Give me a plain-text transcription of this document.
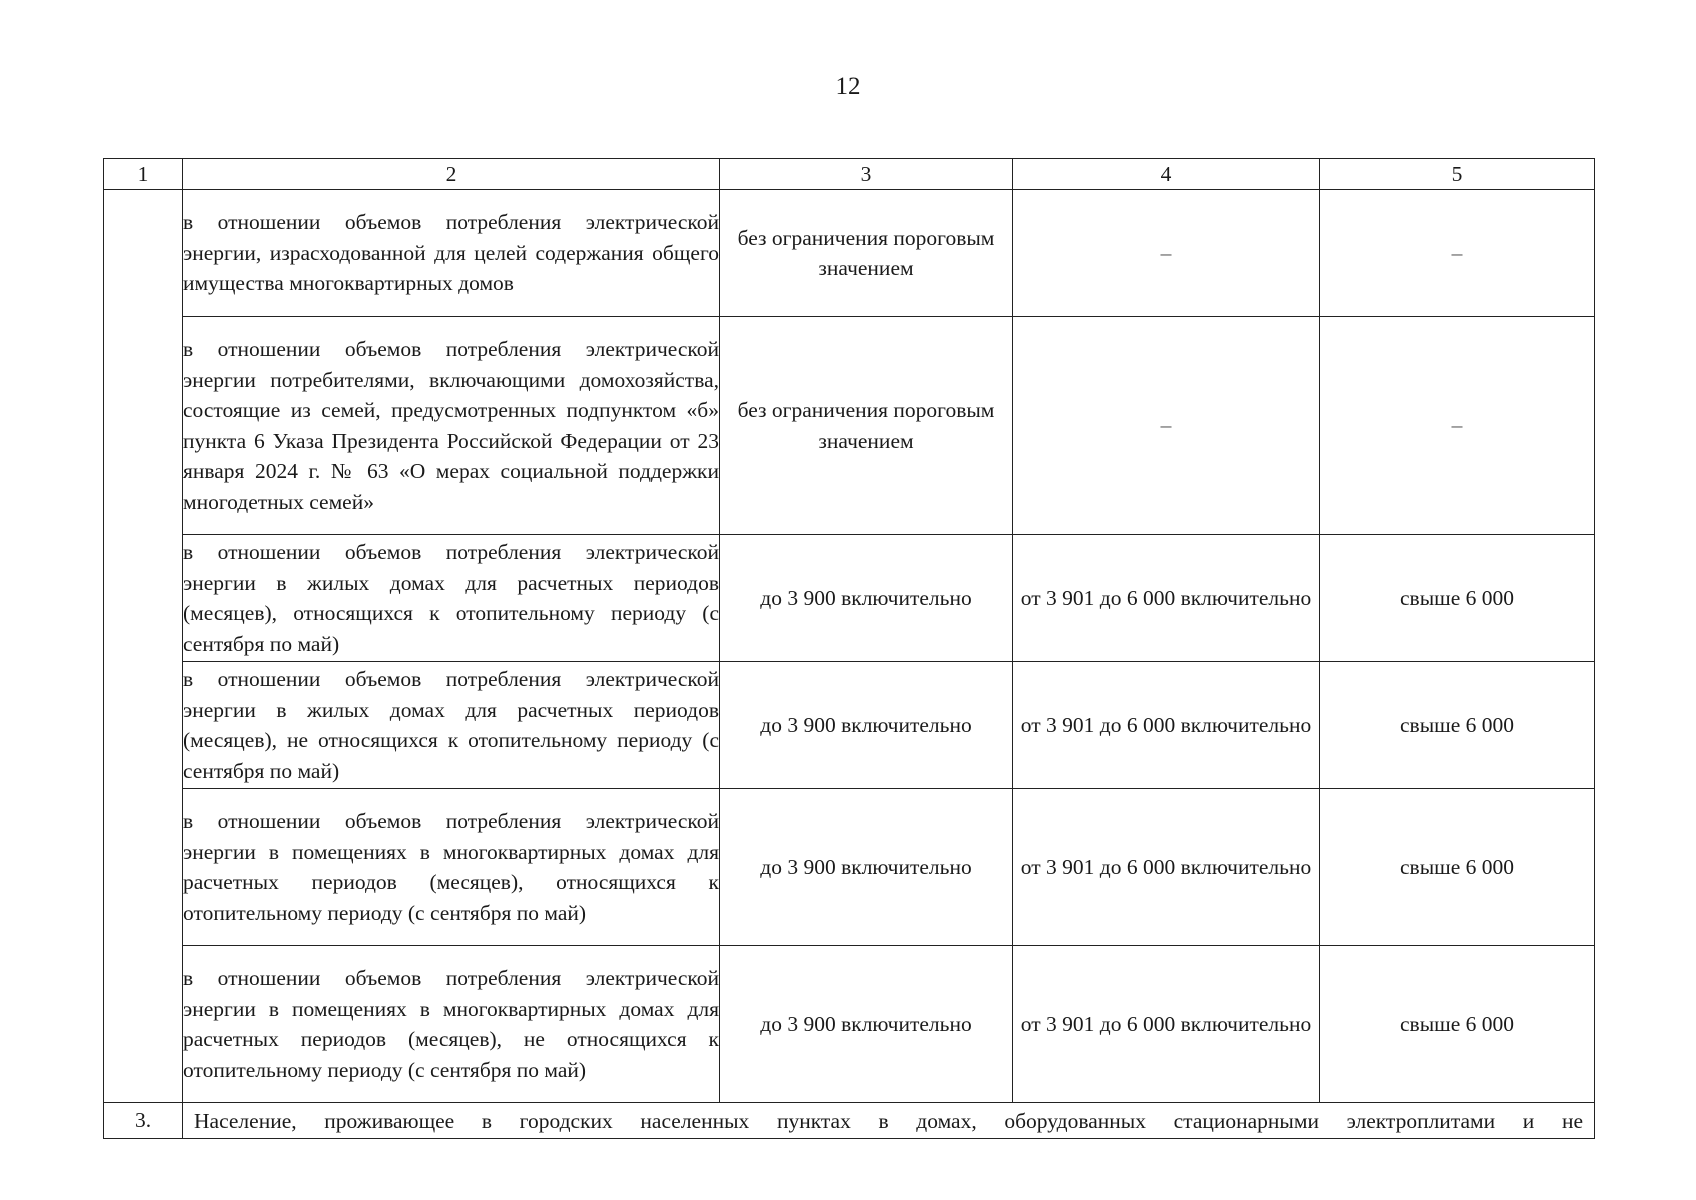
12
1	2	3	4	5
	в отношении объемов потребления электрической энергии, израсходованной для целей содержания общего имущества многоквартирных домов	без ограничения пороговым значением	–	–
	в отношении объемов потребления электрической энергии потребителями, включающими домохозяйства, состоящие из семей, предусмотренных подпунктом «б» пункта 6 Указа Президента Российской Федерации от 23 января 2024 г. № 63 «О мерах социальной поддержки многодетных семей»	без ограничения пороговым значением	–	–
	в отношении объемов потребления электрической энергии в жилых домах для расчетных периодов (месяцев), относящихся к отопительному периоду (с сентября по май)	до 3 900 включительно	от 3 901 до 6 000 включительно	свыше 6 000
	в отношении объемов потребления электрической энергии в жилых домах для расчетных периодов (месяцев), не относящихся к отопительному периоду (с сентября по май)	до 3 900 включительно	от 3 901 до 6 000 включительно	свыше 6 000
	в отношении объемов потребления электрической энергии в помещениях в многоквартирных домах для расчетных периодов (месяцев), относящихся к отопительному периоду (с сентября по май)	до 3 900 включительно	от 3 901 до 6 000 включительно	свыше 6 000
	в отношении объемов потребления электрической энергии в помещениях в многоквартирных домах для расчетных периодов (месяцев), не относящихся к отопительному периоду (с сентября по май)	до 3 900 включительно	от 3 901 до 6 000 включительно	свыше 6 000
3.	Население, проживающее в городских населенных пунктах в домах, оборудованных стационарными электроплитами и не			
